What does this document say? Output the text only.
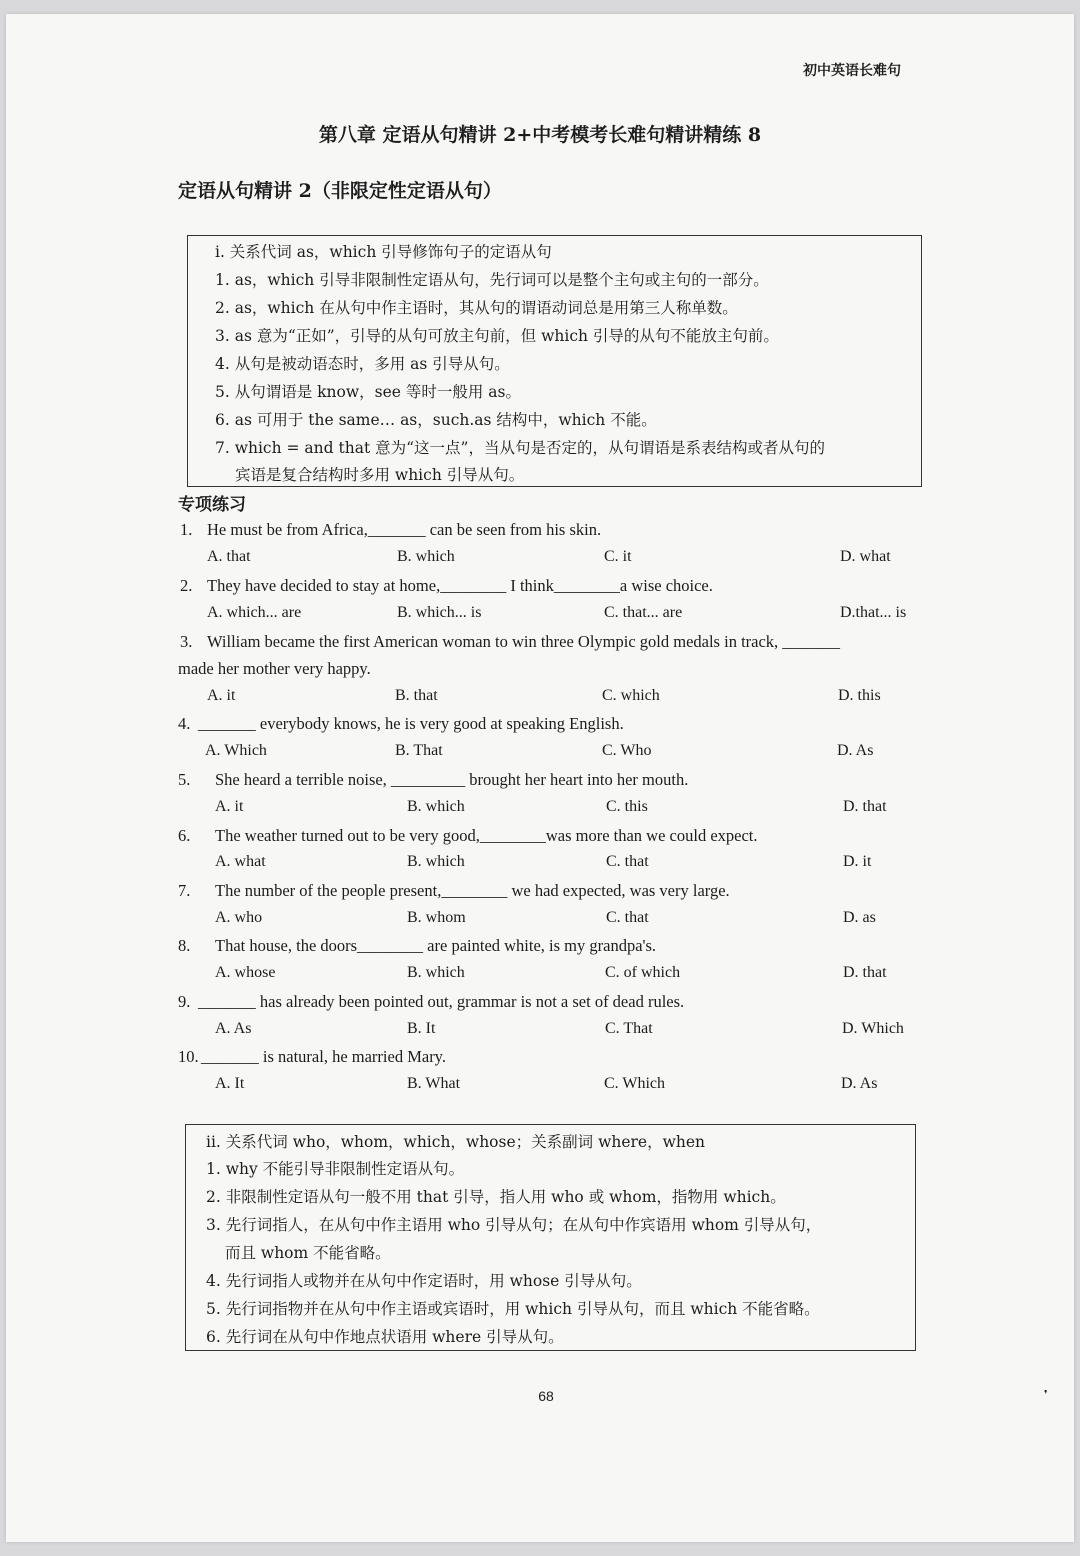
初中英语长难句
第八章 定语从句精讲 2+中考模考长难句精讲精练 8
定语从句精讲 2（非限定性定语从句）
i. 关系代词 as，which 引导修饰句子的定语从句
1. as，which 引导非限制性定语从句，先行词可以是整个主句或主句的一部分。
2. as，which 在从句中作主语时，其从句的谓语动词总是用第三人称单数。
3. as 意为“正如”，引导的从句可放主句前，但 which 引导的从句不能放主句前。
4. 从句是被动语态时，多用 as 引导从句。
5. 从句谓语是 know，see 等时一般用 as。
6. as 可用于 the same… as，such.as 结构中，which 不能。
7. which = and that 意为“这一点”，当从句是否定的，从句谓语是系表结构或者从句的
宾语是复合结构时多用 which 引导从句。
专项练习
1. He must be from Africa,_______ can be seen from his skin.
A. that	B. which	C. it	D. what
2. They have decided to stay at home,________ I think________a wise choice.
A. which... are	B. which... is	C. that... are	D.that... is
3. William became the first American woman to win three Olympic gold medals in track, _______
made her mother very happy.
A. it	B. that	C. which	D. this
4. _______ everybody knows, he is very good at speaking English.
A. Which	B. That	C. Who	D. As
5. She heard a terrible noise, _________ brought her heart into her mouth.
A. it	B. which	C. this	D. that
6. The weather turned out to be very good,________was more than we could expect.
A. what	B. which	C. that	D. it
7. The number of the people present,________ we had expected, was very large.
A. who	B. whom	C. that	D. as
8. That house, the doors________ are painted white, is my grandpa's.
A. whose	B. which	C. of which	D. that
9. _______ has already been pointed out, grammar is not a set of dead rules.
A. As	B. It	C. That	D. Which
10. _______ is natural, he married Mary.
A. It	B. What	C. Which	D. As
ii. 关系代词 who，whom，which，whose；关系副词 where，when
1. why 不能引导非限制性定语从句。
2. 非限制性定语从句一般不用 that 引导，指人用 who 或 whom，指物用 which。
3. 先行词指人，在从句中作主语用 who 引导从句；在从句中作宾语用 whom 引导从句，
而且 whom 不能省略。
4. 先行词指人或物并在从句中作定语时，用 whose 引导从句。
5. 先行词指物并在从句中作主语或宾语时，用 which 引导从句，而且 which 不能省略。
6. 先行词在从句中作地点状语用 where 引导从句。
68	❜
